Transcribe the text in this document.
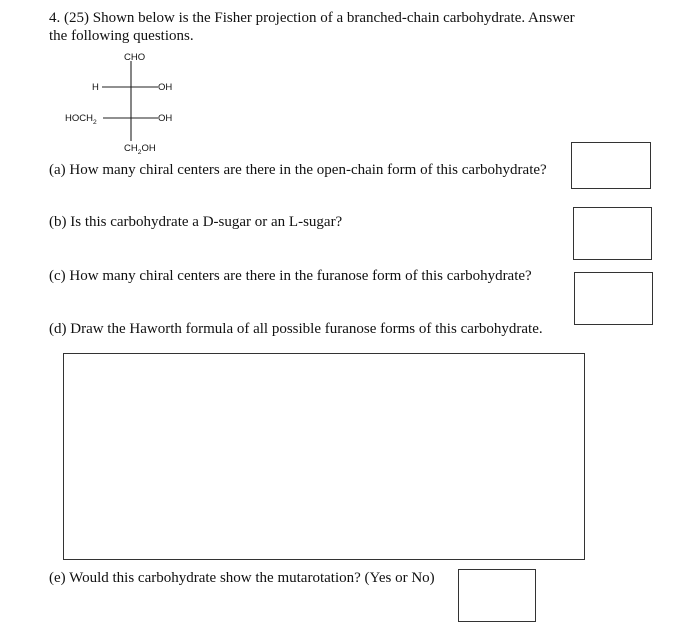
4. (25) Shown below is the Fisher projection of a branched-chain carbohydrate. Answer
the following questions.
CHO
H	OH
$HOCH_2$	OH
$CH_2OH$
(a) How many chiral centers are there in the open-chain form of this carbohydrate?
(b) Is this carbohydrate a D-sugar or an L-sugar?
(c) How many chiral centers are there in the furanose form of this carbohydrate?
(d) Draw the Haworth formula of all possible furanose forms of this carbohydrate.
(e) Would this carbohydrate show the mutarotation? (Yes or No)
